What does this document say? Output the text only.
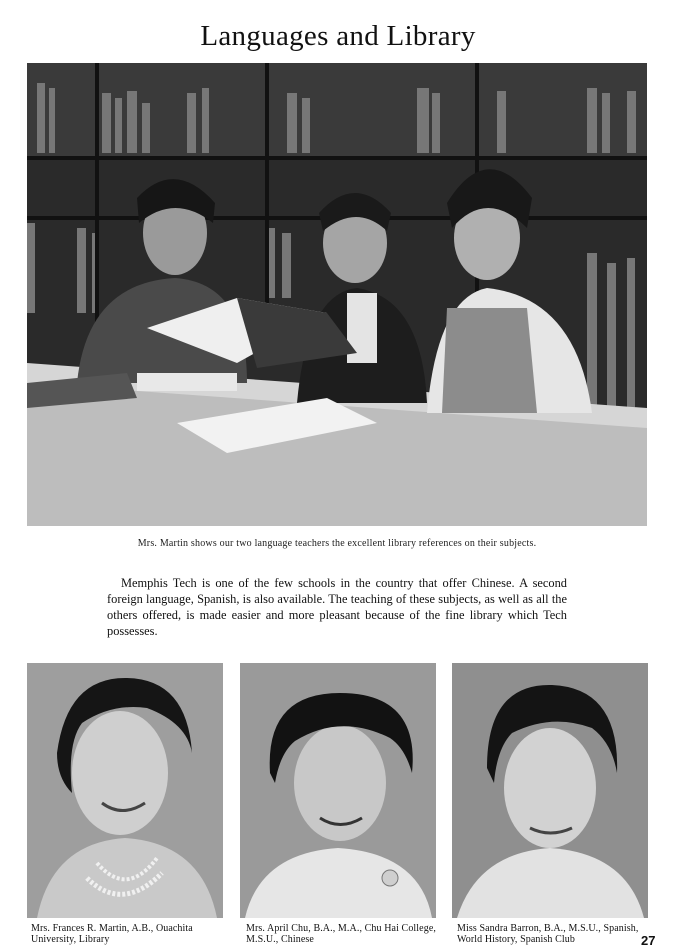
Languages and Library
Mrs. Martin shows our two language teachers the excellent library references on their subjects.
Memphis Tech is one of the few schools in the country that offer Chinese. A second foreign language, Spanish, is also available. The teaching of these subjects, as well as all the others offered, is made easier and more pleasant because of the fine library which Tech possesses.
Mrs. Frances R. Martin, A.B., Ouachita University, Library
Mrs. April Chu, B.A., M.A., Chu Hai College, M.S.U., Chinese
Miss Sandra Barron, B.A., M.S.U., Spanish, World History, Spanish Club	27
